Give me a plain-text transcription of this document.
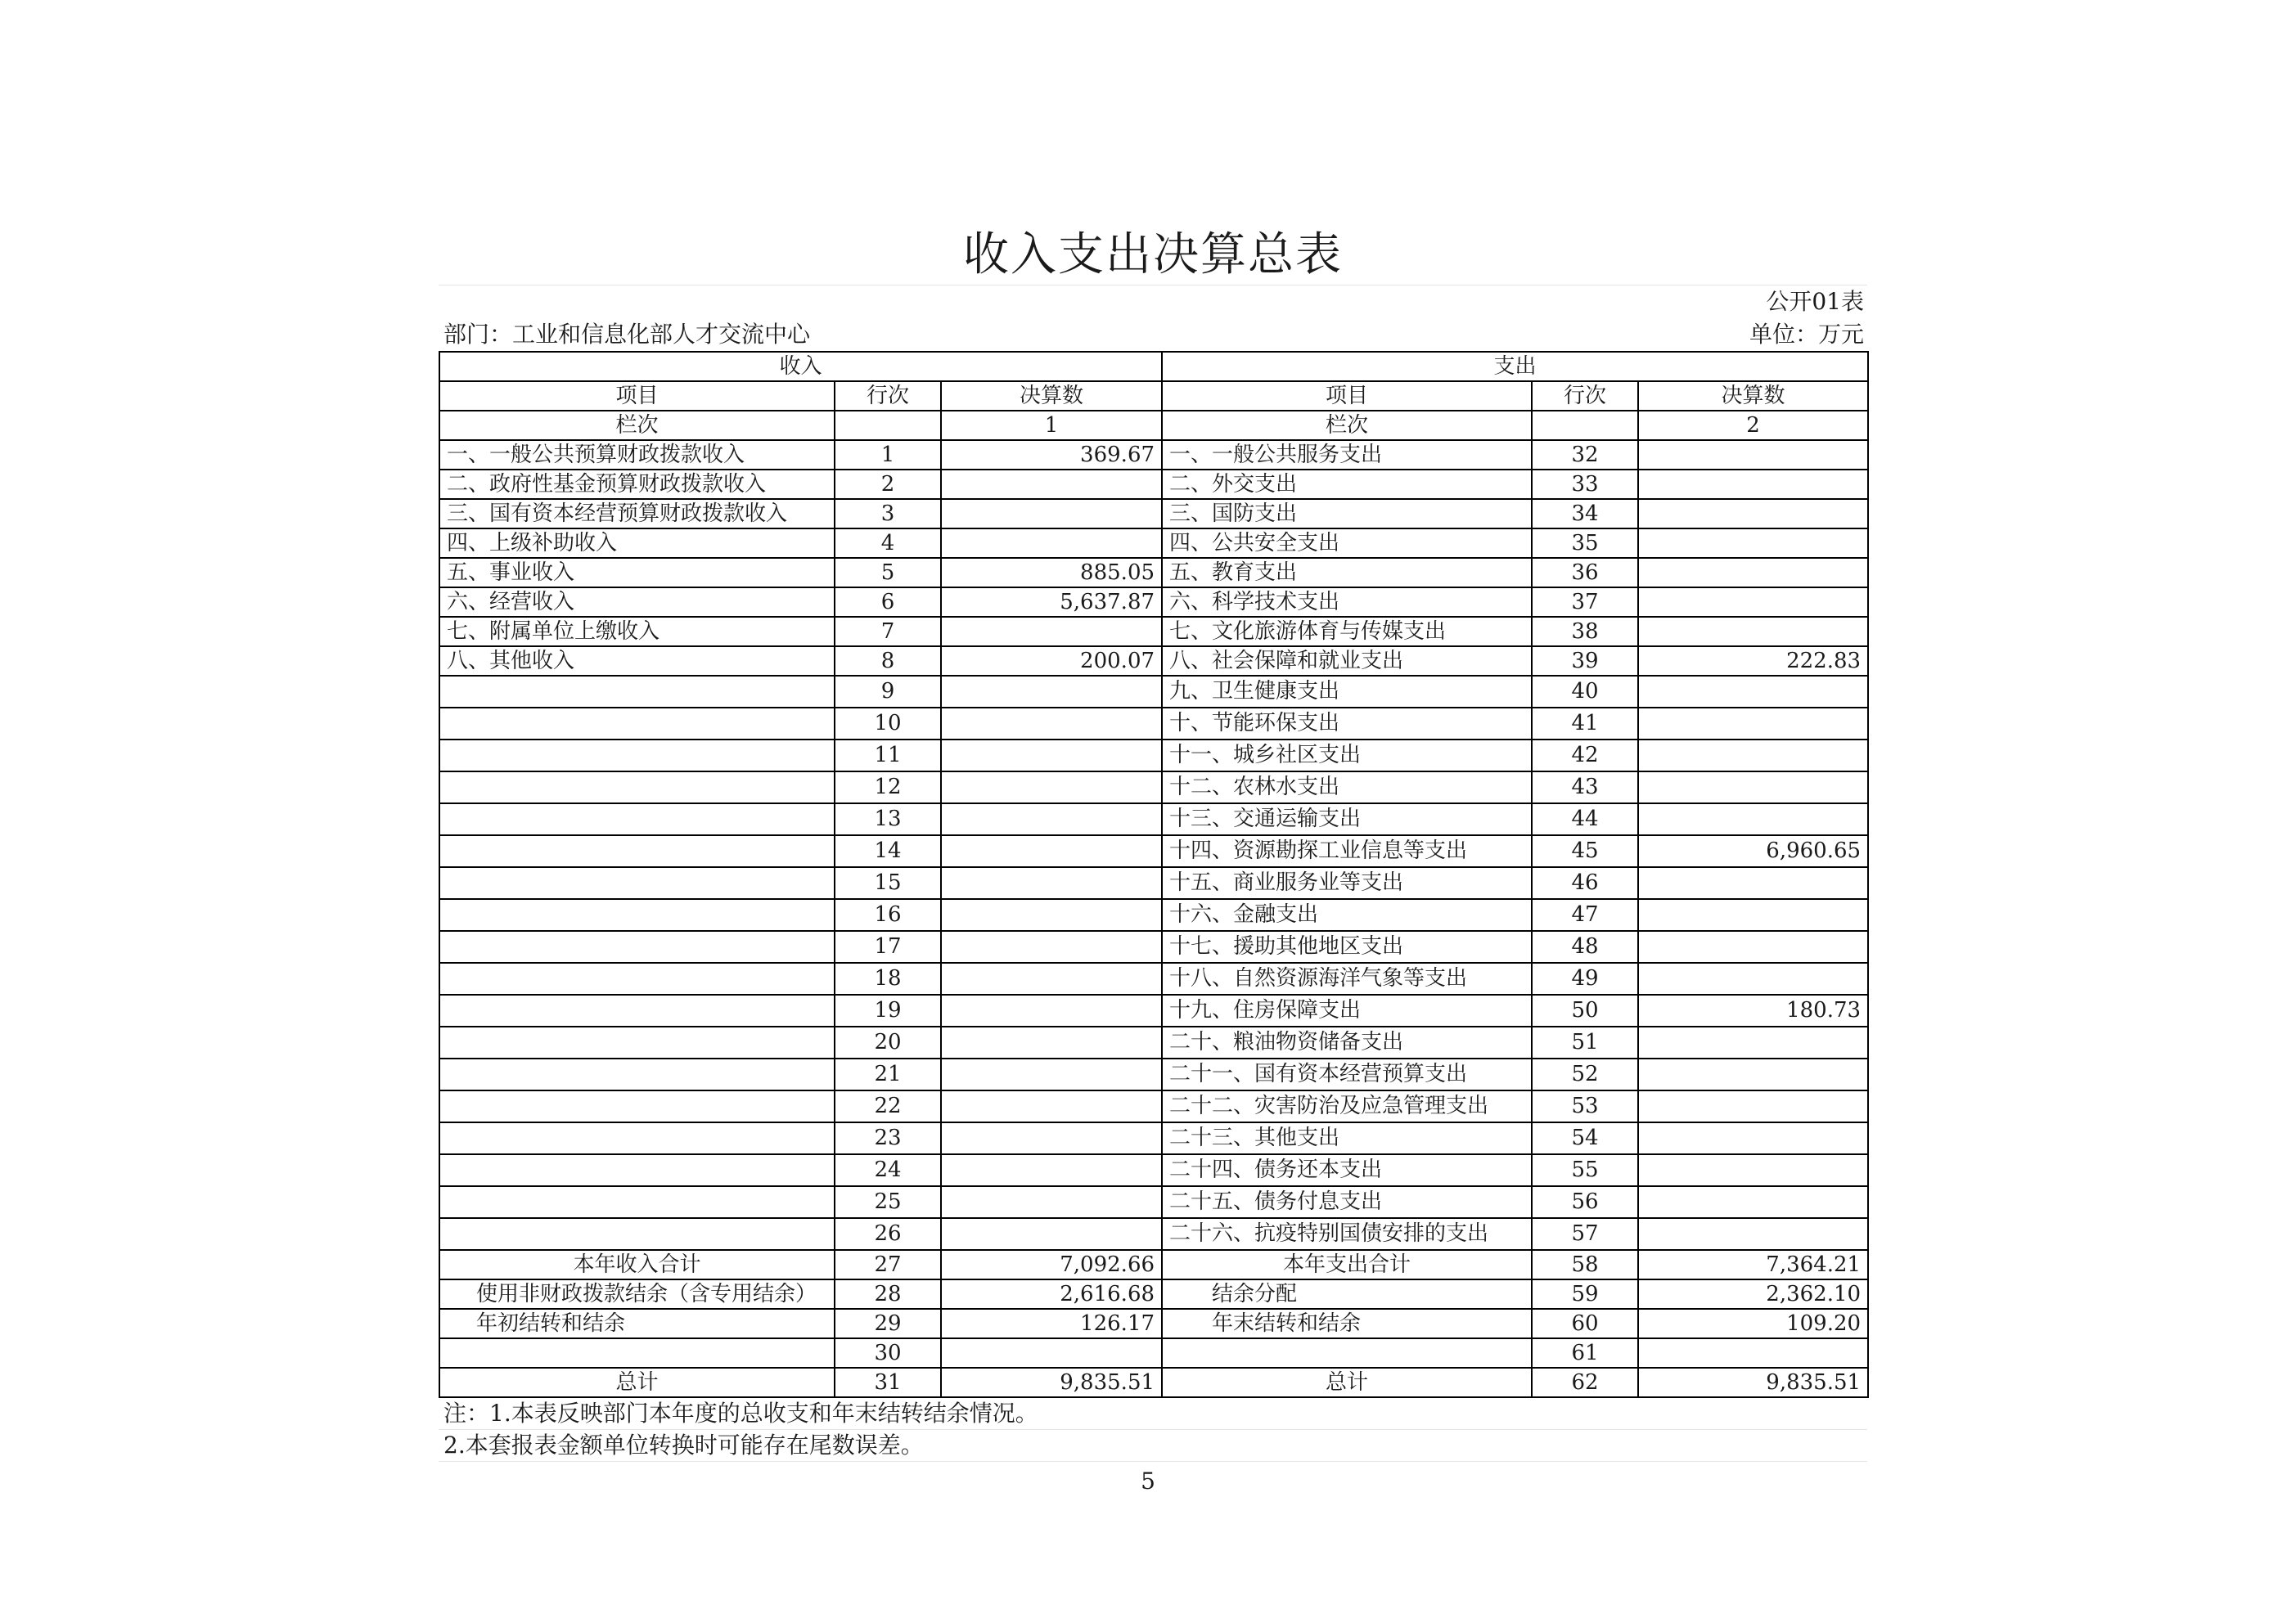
收入支出决算总表
公开01表
部门：工业和信息化部人才交流中心	单位：万元
收入			支出		
项目	行次	决算数	项目	行次	决算数
栏次		1	栏次		2
一、一般公共预算财政拨款收入	1	369.67	一、一般公共服务支出	32	
二、政府性基金预算财政拨款收入	2		二、外交支出	33	
三、国有资本经营预算财政拨款收入	3		三、国防支出	34	
四、上级补助收入	4		四、公共安全支出	35	
五、事业收入	5	885.05	五、教育支出	36	
六、经营收入	6	5,637.87	六、科学技术支出	37	
七、附属单位上缴收入	7		七、文化旅游体育与传媒支出	38	
八、其他收入	8	200.07	八、社会保障和就业支出	39	222.83
	9		九、卫生健康支出	40	
	10		十、节能环保支出	41	
	11		十一、城乡社区支出	42	
	12		十二、农林水支出	43	
	13		十三、交通运输支出	44	
	14		十四、资源勘探工业信息等支出	45	6,960.65
	15		十五、商业服务业等支出	46	
	16		十六、金融支出	47	
	17		十七、援助其他地区支出	48	
	18		十八、自然资源海洋气象等支出	49	
	19		十九、住房保障支出	50	180.73
	20		二十、粮油物资储备支出	51	
	21		二十一、国有资本经营预算支出	52	
	22		二十二、灾害防治及应急管理支出	53	
	23		二十三、其他支出	54	
	24		二十四、债务还本支出	55	
	25		二十五、债务付息支出	56	
	26		二十六、抗疫特别国债安排的支出	57	
本年收入合计	27	7,092.66	本年支出合计	58	7,364.21
使用非财政拨款结余（含专用结余）	28	2,616.68	结余分配	59	2,362.10
年初结转和结余	29	126.17	年末结转和结余	60	109.20
	30			61	
总计	31	9,835.51	总计	62	9,835.51
注：1.本表反映部门本年度的总收支和年末结转结余情况。
2.本套报表金额单位转换时可能存在尾数误差。
5
